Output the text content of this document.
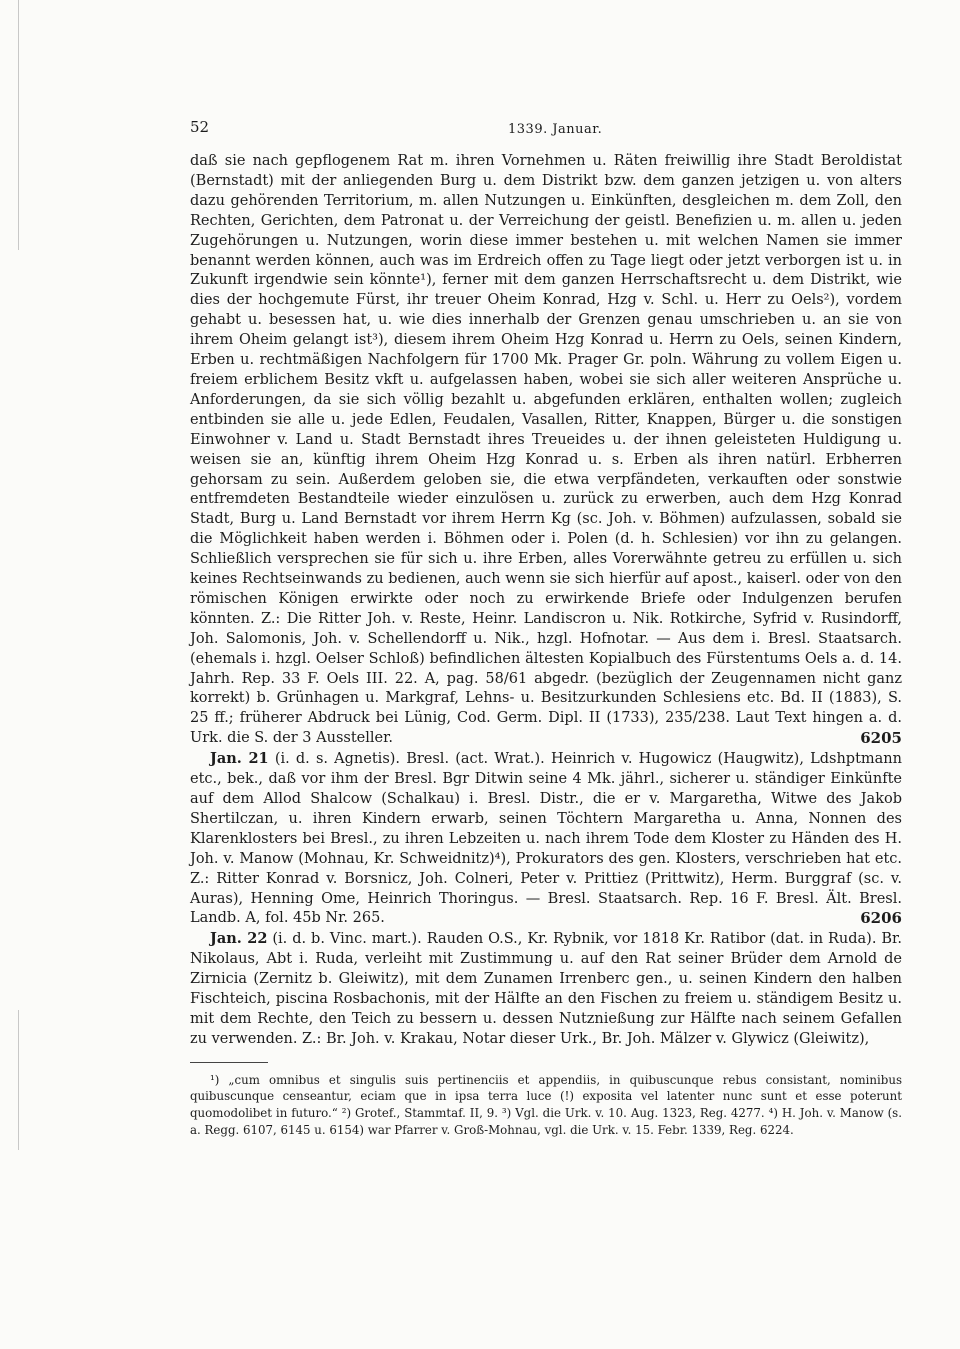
52	1339. Januar.

daß sie nach gepflogenem Rat m. ihren Vornehmen u. Räten freiwillig ihre Stadt Beroldistat (Bernstadt) mit der anliegenden Burg u. dem Distrikt bzw. dem ganzen jetzigen u. von alters dazu gehörenden Territorium, m. allen Nutzungen u. Einkünften, desgleichen m. dem Zoll, den Rechten, Gerichten, dem Patronat u. der Verreichung der geistl. Benefizien u. m. allen u. jeden Zugehörungen u. Nutzungen, worin diese immer bestehen u. mit welchen Namen sie immer benannt werden können, auch was im Erdreich offen zu Tage liegt oder jetzt verborgen ist u. in Zukunft irgendwie sein könnte¹), ferner mit dem ganzen Herrschaftsrecht u. dem Distrikt, wie dies der hochgemute Fürst, ihr treuer Oheim Konrad, Hzg v. Schl. u. Herr zu Oels²), vordem gehabt u. besessen hat, u. wie dies innerhalb der Grenzen genau umschrieben u. an sie von ihrem Oheim gelangt ist³), diesem ihrem Oheim Hzg Konrad u. Herrn zu Oels, seinen Kindern, Erben u. rechtmäßigen Nachfolgern für 1700 Mk. Prager Gr. poln. Währung zu vollem Eigen u. freiem erblichem Besitz vkft u. aufgelassen haben, wobei sie sich aller weiteren Ansprüche u. Anforderungen, da sie sich völlig bezahlt u. abgefunden erklären, enthalten wollen; zugleich entbinden sie alle u. jede Edlen, Feudalen, Vasallen, Ritter, Knappen, Bürger u. die sonstigen Einwohner v. Land u. Stadt Bernstadt ihres Treueides u. der ihnen geleisteten Huldigung u. weisen sie an, künftig ihrem Oheim Hzg Konrad u. s. Erben als ihren natürl. Erbherren gehorsam zu sein. Außerdem geloben sie, die etwa verpfändeten, verkauften oder sonstwie entfremdeten Bestandteile wieder einzulösen u. zurück zu erwerben, auch dem Hzg Konrad Stadt, Burg u. Land Bernstadt vor ihrem Herrn Kg (sc. Joh. v. Böhmen) aufzulassen, sobald sie die Möglichkeit haben werden i. Böhmen oder i. Polen (d. h. Schlesien) vor ihn zu gelangen. Schließlich versprechen sie für sich u. ihre Erben, alles Vorerwähnte getreu zu erfüllen u. sich keines Rechtseinwands zu bedienen, auch wenn sie sich hierfür auf apost., kaiserl. oder von den römischen Königen erwirkte oder noch zu erwirkende Briefe oder Indulgenzen berufen könnten. Z.: Die Ritter Joh. v. Reste, Heinr. Landiscron u. Nik. Rotkirche, Syfrid v. Rusindorff, Joh. Salomonis, Joh. v. Schellendorff u. Nik., hzgl. Hofnotar. — Aus dem i. Bresl. Staatsarch. (ehemals i. hzgl. Oelser Schloß) befindlichen ältesten Kopialbuch des Fürstentums Oels a. d. 14. Jahrh. Rep. 33 F. Oels III. 22. A, pag. 58/61 abgedr. (bezüglich der Zeugennamen nicht ganz korrekt) b. Grünhagen u. Markgraf, Lehns- u. Besitzurkunden Schlesiens etc. Bd. II (1883), S. 25 ff.; früherer Abdruck bei Lünig, Cod. Germ. Dipl. II (1733), 235/238. Laut Text hingen a. d. Urk. die S. der 3 Aussteller.	6205

Jan. 21 (i. d. s. Agnetis). Bresl. (act. Wrat.). Heinrich v. Hugowicz (Haugwitz), Ldshptmann etc., bek., daß vor ihm der Bresl. Bgr Ditwin seine 4 Mk. jährl., sicherer u. ständiger Einkünfte auf dem Allod Shalcow (Schalkau) i. Bresl. Distr., die er v. Margaretha, Witwe des Jakob Shertilczan, u. ihren Kindern erwarb, seinen Töchtern Margaretha u. Anna, Nonnen des Klarenklosters bei Bresl., zu ihren Lebzeiten u. nach ihrem Tode dem Kloster zu Händen des H. Joh. v. Manow (Mohnau, Kr. Schweidnitz)⁴), Prokurators des gen. Klosters, verschrieben hat etc. Z.: Ritter Konrad v. Borsnicz, Joh. Colneri, Peter v. Prittiez (Prittwitz), Herm. Burggraf (sc. v. Auras), Henning Ome, Heinrich Thoringus. — Bresl. Staatsarch. Rep. 16 F. Bresl. Ält. Bresl. Landb. A, fol. 45b Nr. 265.	6206

Jan. 22 (i. d. b. Vinc. mart.). Rauden O.S., Kr. Rybnik, vor 1818 Kr. Ratibor (dat. in Ruda). Br. Nikolaus, Abt i. Ruda, verleiht mit Zustimmung u. auf den Rat seiner Brüder dem Arnold de Zirnicia (Zernitz b. Gleiwitz), mit dem Zunamen Irrenberc gen., u. seinen Kindern den halben Fischteich, piscina Rosbachonis, mit der Hälfte an den Fischen zu freiem u. ständigem Besitz u. mit dem Rechte, den Teich zu bessern u. dessen Nutznießung zur Hälfte nach seinem Gefallen zu verwenden. Z.: Br. Joh. v. Krakau, Notar dieser Urk., Br. Joh. Mälzer v. Glywicz (Gleiwitz),

¹) „cum omnibus et singulis suis pertinenciis et appendiis, in quibuscunque rebus consistant, nominibus quibuscunque censeantur, eciam que in ipsa terra luce (!) exposita vel latenter nunc sunt et esse poterunt quomodolibet in futuro.“ ²) Grotef., Stammtaf. II, 9. ³) Vgl. die Urk. v. 10. Aug. 1323, Reg. 4277. ⁴) H. Joh. v. Manow (s. a. Regg. 6107, 6145 u. 6154) war Pfarrer v. Groß-Mohnau, vgl. die Urk. v. 15. Febr. 1339, Reg. 6224.
